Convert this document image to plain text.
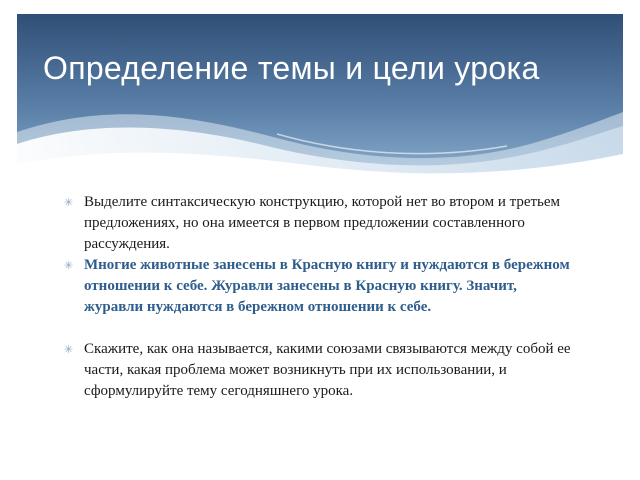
Определение темы и цели урока
✳ Выделите синтаксическую конструкцию, которой нет во втором и третьем предложениях, но она имеется в первом предложении составленного рассуждения.
✳ Многие животные занесены в Красную книгу и нуждаются в бережном отношении к себе. Журавли занесены в Красную книгу. Значит, журавли нуждаются в бережном отношении к себе.
✳ Скажите, как она называется, какими союзами связываются между собой ее части, какая проблема может возникнуть при их использовании, и сформулируйте тему сегодняшнего урока.
